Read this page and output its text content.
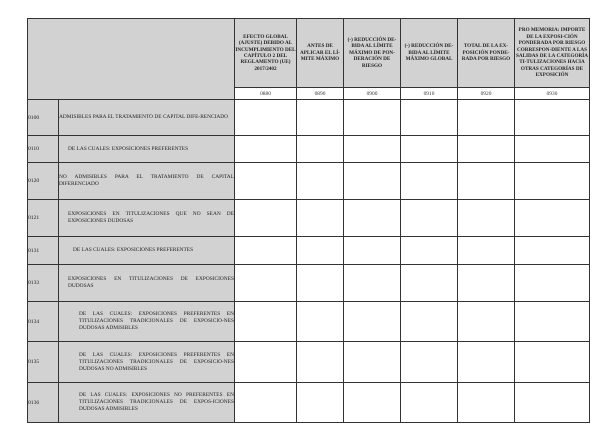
		EFECTO GLOBAL (AJUSTE) DEBIDO AL INCUMPLIMIENTO DEL CAPÍTULO 2 DEL REGLAMENTO (UE) 2017/2402	ANTES DE APLICAR EL LÍ-MITE MÁXIMO	(-) REDUCCIÓN DE-BIDA AL LÍMITE MÁXIMO DE PON-DERACIÓN DE RIESGO	(-) REDUCCIÓN DE-BIDA AL LÍMITE MÁXIMO GLOBAL	TOTAL DE LA EX-POSICIÓN PONDE-RADA POR RIESGO	PRO MEMORIA: IMPORTE DE LA EXPOSI-CIÓN PONDERADA POR RIESGO CORRESPON-DIENTE A LAS SALIDAS DE LA CATEGORÍA TI-TULIZACIONES HACIA OTRAS CATEGORÍAS DE EXPOSICIÓN
		0880	0890	0900	0910	0920	0930
0100	ADMISIBLES PARA EL TRATAMIENTO DE CAPITAL DIFE-RENCIADO						
0110	DE LAS CUALES: EXPOSICIONES PREFERENTES						
0120	NO ADMISIBLES PARA EL TRATAMIENTO DE CAPITAL DIFERENCIADO						
0121	EXPOSICIONES EN TITULIZACIONES QUE NO SEAN DE EXPOSICIONES DUDOSAS						
0131	DE LAS CUALES: EXPOSICIONES PREFERENTES						
0133	EXPOSICIONES EN TITULIZACIONES DE EXPOSICIONES DUDOSAS						
0134	DE LAS CUALES: EXPOSICIONES PREFERENTES EN TITULIZACIONES TRADICIONALES DE EXPOSICIO-NES DUDOSAS ADMISIBLES						
0135	DE LAS CUALES: EXPOSICIONES PREFERENTES EN TITULIZACIONES TRADICIONALES DE EXPOSICIO-NES DUDOSAS NO ADMISIBLES						
0136	DE LAS CUALES: EXPOSICIONES NO PREFERENTES EN TITULIZACIONES TRADICIONALES DE EXPOS-ICIONES DUDOSAS ADMISIBLES						
